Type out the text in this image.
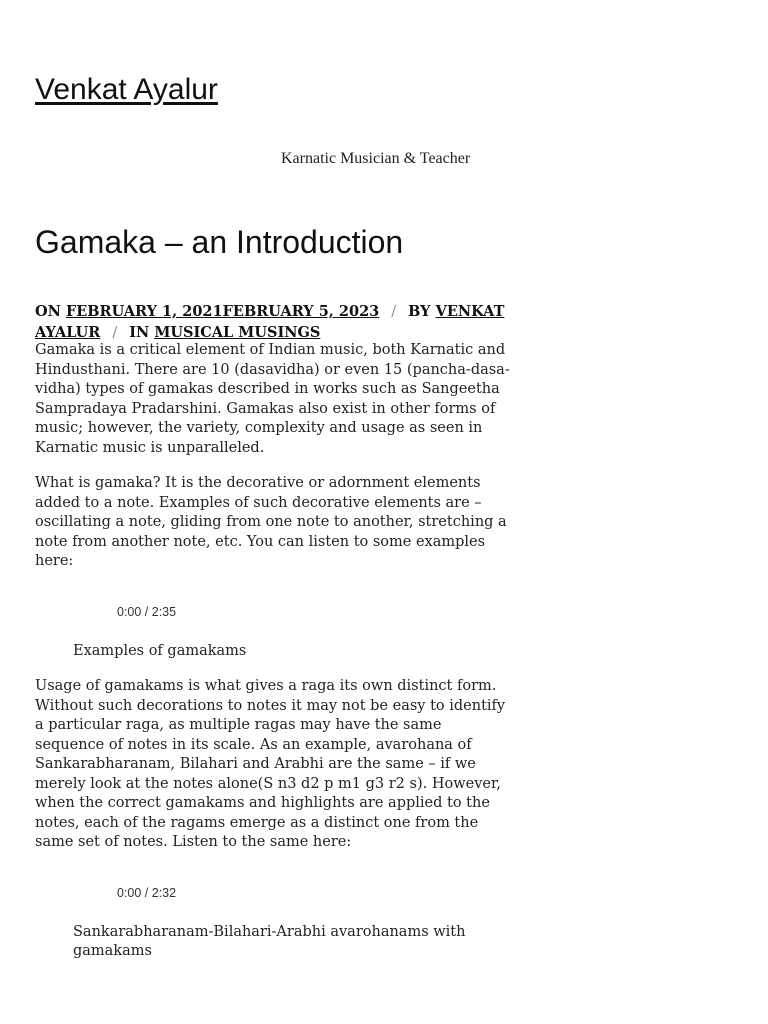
Venkat Ayalur
Karnatic Musician & Teacher
Gamaka – an Introduction
ON FEBRUARY 1, 2021FEBRUARY 5, 2023 / BY VENKAT AYALUR / IN MUSICAL MUSINGS

Gamaka is a critical element of Indian music, both Karnatic and Hindusthani. There are 10 (dasavidha) or even 15 (pancha-dasa-vidha) types of gamakas described in works such as Sangeetha Sampradaya Pradarshini. Gamakas also exist in other forms of music; however, the variety, complexity and usage as seen in Karnatic music is unparalleled.

What is gamaka? It is the decorative or adornment elements added to a note. Examples of such decorative elements are – oscillating a note, gliding from one note to another, stretching a note from another note, etc. You can listen to some examples here:

0:00 / 2:35
Examples of gamakams

Usage of gamakams is what gives a raga its own distinct form. Without such decorations to notes it may not be easy to identify a particular raga, as multiple ragas may have the same sequence of notes in its scale. As an example, avarohana of Sankarabharanam, Bilahari and Arabhi are the same – if we merely look at the notes alone(S n3 d2 p m1 g3 r2 s). However, when the correct gamakams and highlights are applied to the notes, each of the ragams emerge as a distinct one from the same set of notes. Listen to the same here:

0:00 / 2:32
Sankarabharanam-Bilahari-Arabhi avarohanams with gamakams
